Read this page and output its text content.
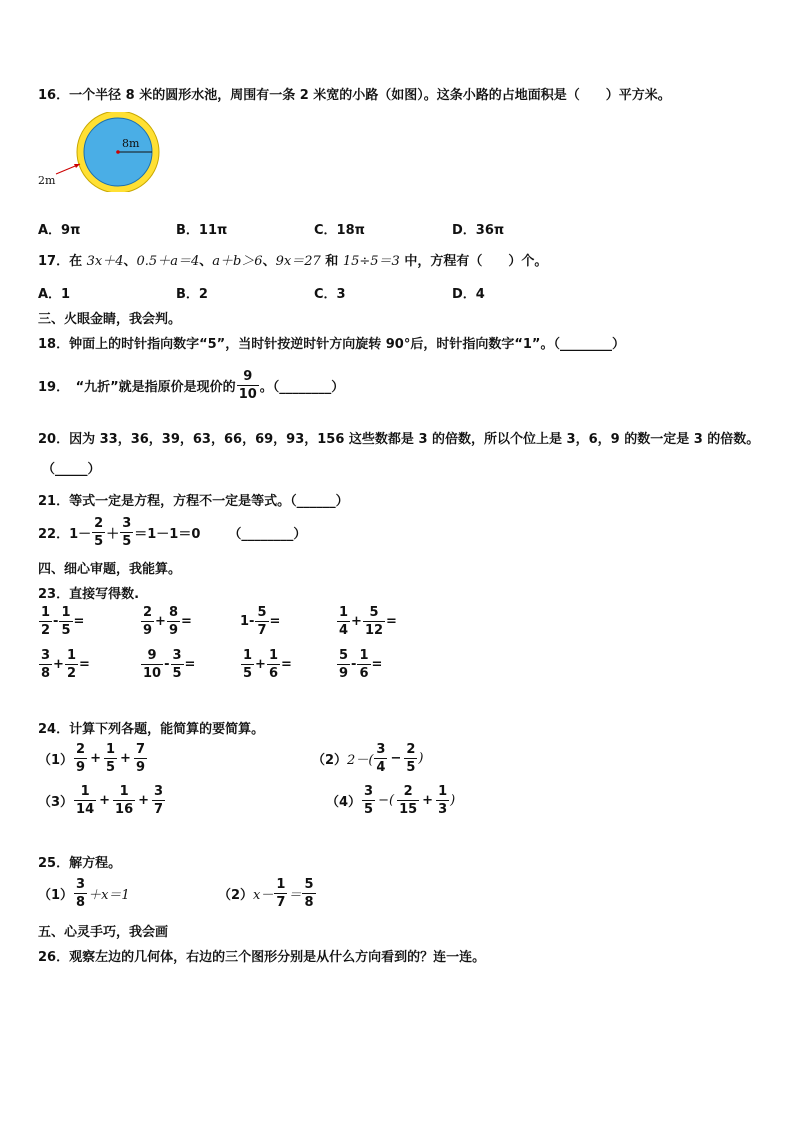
16．一个半径 8 米的圆形水池，周围有一条 2 米宽的小路（如图）。这条小路的占地面积是（　　）平方米。
8m
2m
A．9π	B．11π	C．18π	D．36π
17．在 3x＋4、0.5＋a＝4、a＋b＞6、9x＝27 和 15÷5＝3 中，方程有（　　）个。
A．1	B．2	C．3	D．4
三、火眼金睛，我会判。
18．钟面上的时针指向数字“5”，当时针按逆时针方向旋转 90°后，时针指向数字“1”。（________）
19．　“九折”就是指原价是现价的 $\frac{9}{10}$ 。（________）
20．因为 33，36，39，63，66，69，93，156 这些数都是 3 的倍数，所以个位上是 3，6，9 的数一定是 3 的倍数。
（_____）
21．等式一定是方程，方程不一定是等式。（______）
22． $1- \frac{2}{5} + \frac{3}{5} =1-1=0$ （________）
四、细心审题，我能算。
23．直接写得数.
$\frac{1}{2} - \frac{1}{5}$ =	$\frac{2}{9} + \frac{8}{9}$ =	$1- \frac{5}{7}$ =	$\frac{1}{4} + \frac{5}{12}$ =
$\frac{3}{8} + \frac{1}{2}$ =	$\frac{9}{10} - \frac{3}{5}$ =	$\frac{1}{5} + \frac{1}{6}$ =	$\frac{5}{9} - \frac{1}{6}$ =
24．计算下列各题，能简算的要简算。
$(1) \frac{2}{9} + \frac{1}{5} + \frac{7}{9}$	（2） $2-( \frac{3}{4} - \frac{2}{5}$ )
$(3) \frac{1}{14} + \frac{1}{16} + \frac{3}{7}$	$(4) \frac{3}{5}$ −( $\frac{2}{15} + \frac{1}{3}$ )
25．解方程。
$(1) \frac{3}{8} +x=1$	（2） $x- \frac{1}{7} = \frac{5}{8}$
五、心灵手巧，我会画
26．观察左边的几何体，右边的三个图形分别是从什么方向看到的？连一连。
